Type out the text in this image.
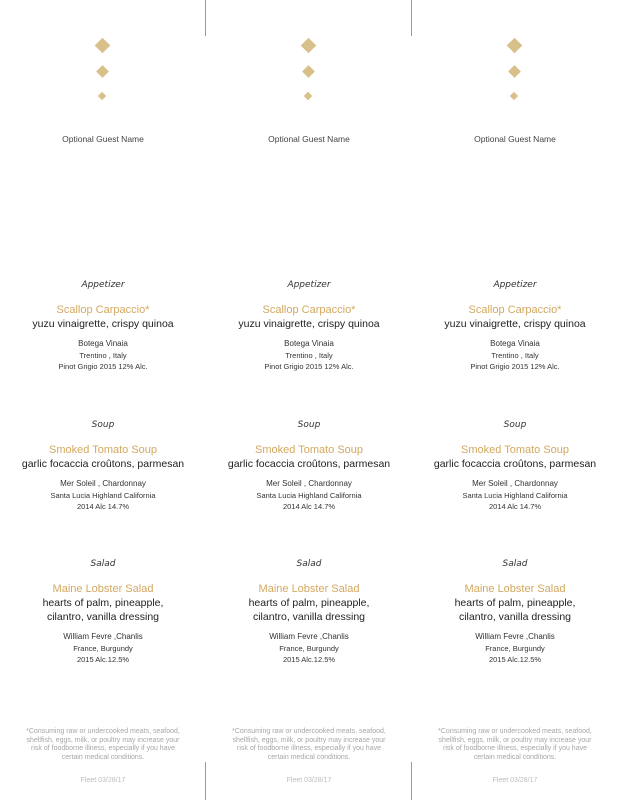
Optional Guest Name
Appetizer
Scallop Carpaccio*
yuzu vinaigrette, crispy quinoa
Botega Vinaia
Trentino , Italy
Pinot Grigio 2015 12% Alc.
Soup
Smoked Tomato Soup
garlic focaccia croûtons, parmesan
Mer Soleil , Chardonnay
Santa Lucia Highland California
2014 Alc 14.7%
Salad
Maine Lobster Salad
hearts of palm, pineapple, cilantro, vanilla dressing
William Fevre ,Chanlis
France, Burgundy
2015 Alc.12.5%
*Consuming raw or undercooked meats, seafood, shellfish, eggs, milk, or poultry may increase your risk of foodborne illness, especially if you have certain medical conditions.
Fleet 03/28/17
Optional Guest Name
Appetizer
Scallop Carpaccio*
yuzu vinaigrette, crispy quinoa
Botega Vinaia
Trentino , Italy
Pinot Grigio 2015 12% Alc.
Soup
Smoked Tomato Soup
garlic focaccia croûtons, parmesan
Mer Soleil , Chardonnay
Santa Lucia Highland California
2014 Alc 14.7%
Salad
Maine Lobster Salad
hearts of palm, pineapple, cilantro, vanilla dressing
William Fevre ,Chanlis
France, Burgundy
2015 Alc.12.5%
*Consuming raw or undercooked meats, seafood, shellfish, eggs, milk, or poultry may increase your risk of foodborne illness, especially if you have certain medical conditions.
Fleet 03/28/17
Optional Guest Name
Appetizer
Scallop Carpaccio*
yuzu vinaigrette, crispy quinoa
Botega Vinaia
Trentino , Italy
Pinot Grigio 2015 12% Alc.
Soup
Smoked Tomato Soup
garlic focaccia croûtons, parmesan
Mer Soleil , Chardonnay
Santa Lucia Highland California
2014 Alc 14.7%
Salad
Maine Lobster Salad
hearts of palm, pineapple, cilantro, vanilla dressing
William Fevre ,Chanlis
France, Burgundy
2015 Alc.12.5%
*Consuming raw or undercooked meats, seafood, shellfish, eggs, milk, or poultry may increase your risk of foodborne illness, especially if you have certain medical conditions.
Fleet 03/28/17
